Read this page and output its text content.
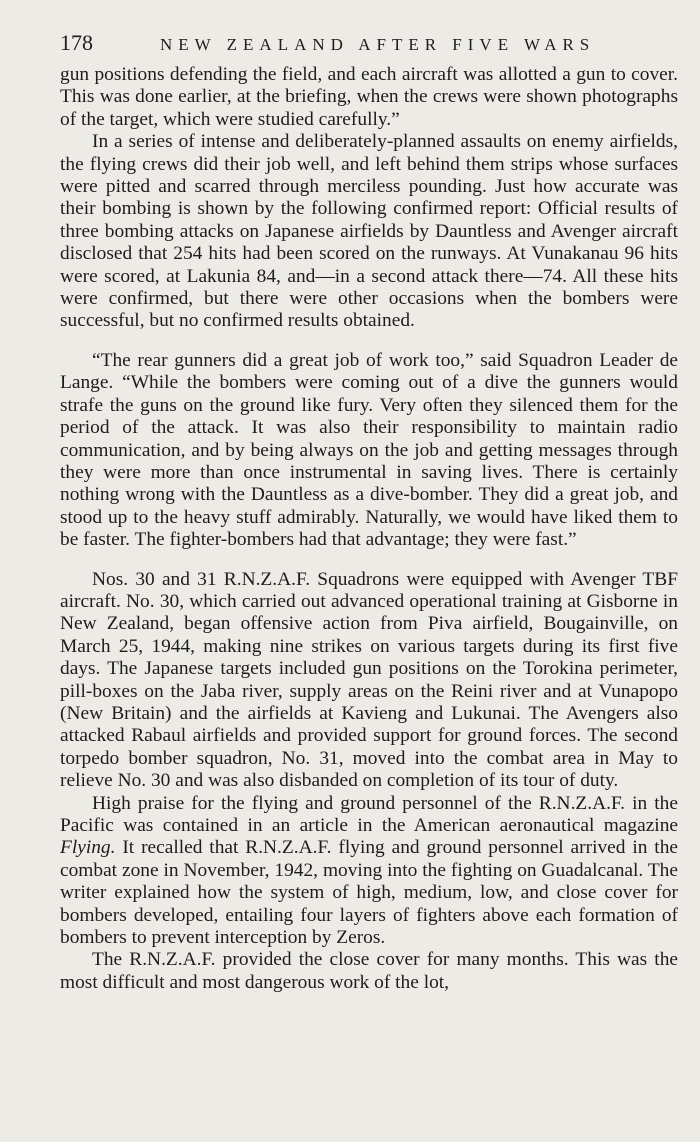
178	NEW ZEALAND AFTER FIVE WARS

gun positions defending the field, and each aircraft was allotted a gun to cover. This was done earlier, at the briefing, when the crews were shown photographs of the target, which were studied carefully.”

In a series of intense and deliberately-planned assaults on enemy airfields, the flying crews did their job well, and left behind them strips whose surfaces were pitted and scarred through merciless pounding. Just how accurate was their bombing is shown by the following confirmed report: Official results of three bombing attacks on Japanese airfields by Dauntless and Avenger aircraft disclosed that 254 hits had been scored on the runways. At Vunakanau 96 hits were scored, at Lakunia 84, and—in a second attack there—74. All these hits were confirmed, but there were other occasions when the bombers were successful, but no confirmed results obtained.

“The rear gunners did a great job of work too,” said Squadron Leader de Lange. “While the bombers were coming out of a dive the gunners would strafe the guns on the ground like fury. Very often they silenced them for the period of the attack. It was also their responsibility to maintain radio communication, and by being always on the job and getting messages through they were more than once instrumental in saving lives. There is certainly nothing wrong with the Dauntless as a dive-bomber. They did a great job, and stood up to the heavy stuff admirably. Naturally, we would have liked them to be faster. The fighter-bombers had that advantage; they were fast.”

Nos. 30 and 31 R.N.Z.A.F. Squadrons were equipped with Avenger TBF aircraft. No. 30, which carried out advanced operational training at Gisborne in New Zealand, began offensive action from Piva airfield, Bougainville, on March 25, 1944, making nine strikes on various targets during its first five days. The Japanese targets included gun positions on the Torokina perimeter, pill-boxes on the Jaba river, supply areas on the Reini river and at Vunapopo (New Britain) and the airfields at Kavieng and Lukunai. The Avengers also attacked Rabaul airfields and provided support for ground forces. The second torpedo bomber squadron, No. 31, moved into the combat area in May to relieve No. 30 and was also disbanded on completion of its tour of duty.

High praise for the flying and ground personnel of the R.N.Z.A.F. in the Pacific was contained in an article in the American aeronautical magazine Flying. It recalled that R.N.Z.A.F. flying and ground personnel arrived in the combat zone in November, 1942, moving into the fighting on Guadalcanal. The writer explained how the system of high, medium, low, and close cover for bombers developed, entailing four layers of fighters above each formation of bombers to prevent interception by Zeros.

The R.N.Z.A.F. provided the close cover for many months. This was the most difficult and most dangerous work of the lot,
